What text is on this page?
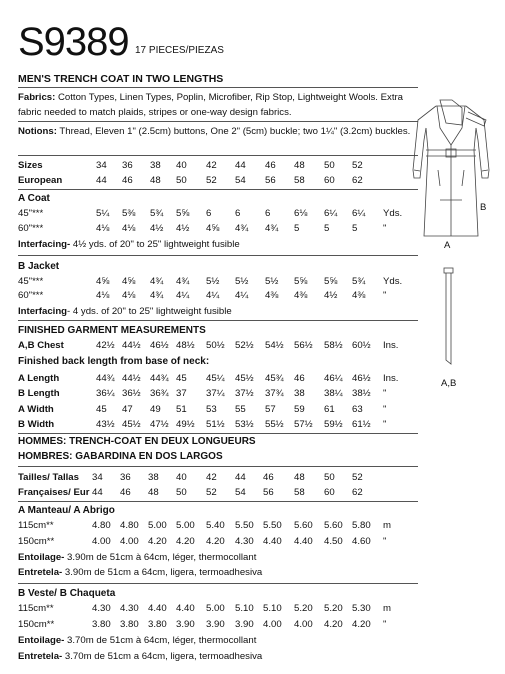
S9389 17 PIECES/PIEZAS
MEN'S TRENCH COAT IN TWO LENGTHS
Fabrics: Cotton Types, Linen Types, Poplin, Microfiber, Rip Stop, Lightweight Wools. Extra fabric needed to match plaids, stripes or one-way design fabrics.
Notions: Thread, Eleven 1" (2.5cm) buttons, One 2" (5cm) buckle; two 1¼" (3.2cm) buckles.
B
A
A,B
Sizes	34 36 38 40 42 44 46 48 50 52
European	44 46 48 50 52 54 56 58 60 62
A Coat
45"***	5¼ 5⅜ 5¾ 5⅝ 6 6	6 6⅛ 6¼ 6¼ Yds.
60"***	4⅛ 4⅛ 4½ 4½ 4⅝ 4¾ 4¾ 5	5 5	"
Interfacing- 4½ yds. of 20" to 25" lightweight fusible
B Jacket
45"***	4⅝ 4⅝ 4¾ 4¾ 5½ 5½ 5½ 5⅝ 5⅝ 5¾ Yds.
60"***	4⅛ 4⅛ 4¾ 4¼ 4¼ 4¼ 4⅜ 4⅜ 4½ 4⅜ "
Interfacing- 4 yds. of 20" to 25" lightweight fusible
FINISHED GARMENT MEASUREMENTS
A,B Chest	42½ 44½ 46½ 48½ 50½ 52½ 54½ 56½ 58½ 60½ Ins.
Finished back length from base of neck:
A Length	44¾ 44½ 44¾ 45 45¼ 45½ 45¾ 46 46¼ 46½ Ins.
B Length	36¼ 36½ 36¾ 37 37¼ 37½ 37¾ 38 38¼ 38½ "
A Width	45 47 49 51 53 55 57 59 61 63 "
B Width	43½ 45½ 47½ 49½ 51½ 53½ 55½ 57½ 59½ 61½ "
HOMMES: TRENCH-COAT EN DEUX LONGUEURS
HOMBRES: GABARDINA EN DOS LARGOS
Tailles/ Tallas 34 36 38 40 42 44 46 48 50 52
Françaises/ Eur 44 46 48 50 52 54 56 58 60 62
A Manteau/ A Abrigo
115cm**	4.80 4.80 5.00 5.00 5.40 5.50 5.50 5.60 5.60 5.80 m
150cm**	4.00 4.00 4.20 4.20 4.20 4.30 4.40 4.40 4.50 4.60 "
Entoilage- 3.90m de 51cm à 64cm, léger, thermocollant
Entretela- 3.90m de 51cm a 64cm, ligera, termoadhesiva
B Veste/ B Chaqueta
115cm**	4.30 4.30 4.40 4.40 5.00 5.10 5.10 5.20 5.20 5.30 m
150cm**	3.80 3.80 3.80 3.90 3.90 3.90 4.00 4.00 4.20 4.20 "
Entoilage- 3.70m de 51cm à 64cm, léger, thermocollant
Entretela- 3.70m de 51cm a 64cm, ligera, termoadhesiva
